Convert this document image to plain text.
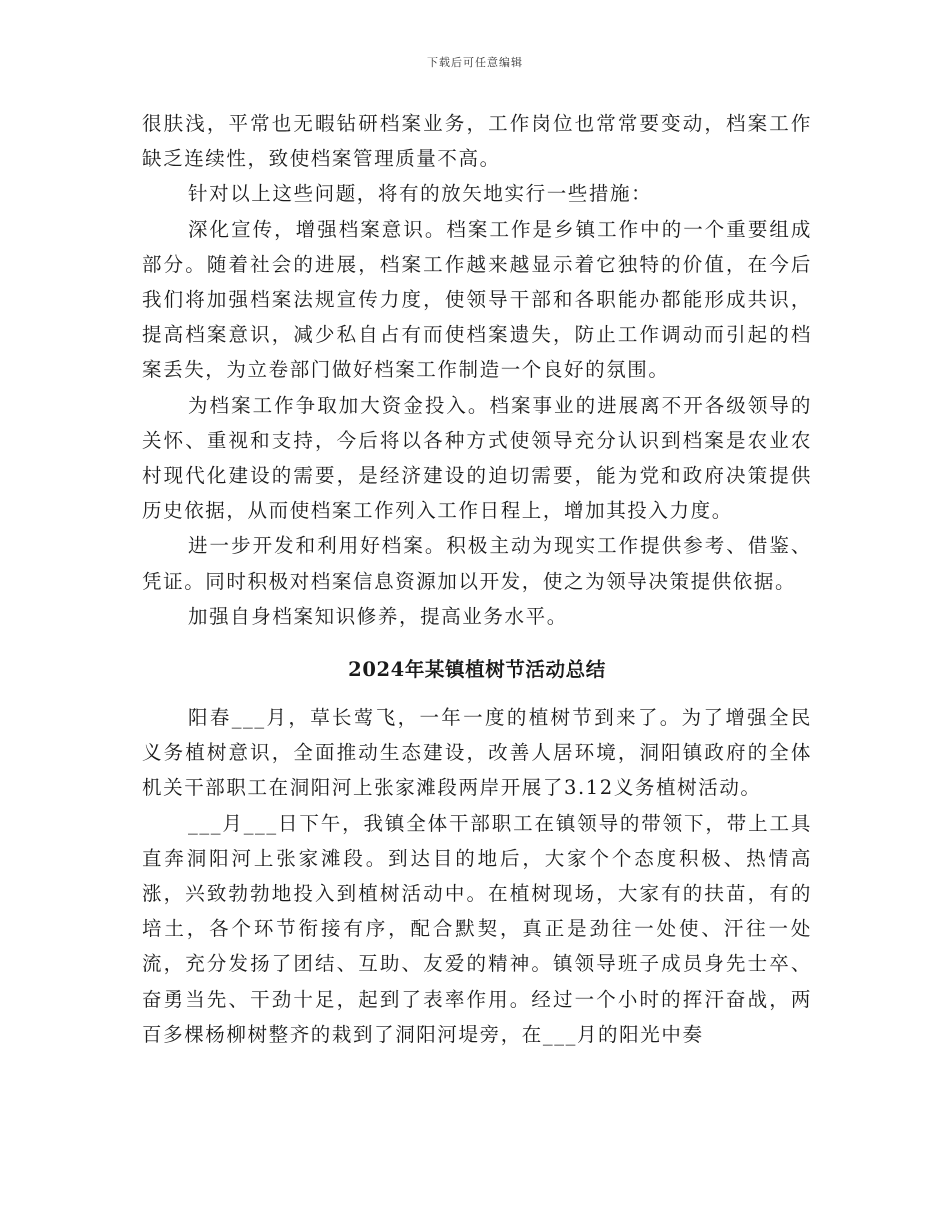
下载后可任意编辑

很肤浅，平常也无暇钻研档案业务，工作岗位也常常要变动，档案工作缺乏连续性，致使档案管理质量不高。

针对以上这些问题，将有的放矢地实行一些措施：

深化宣传，增强档案意识。档案工作是乡镇工作中的一个重要组成部分。随着社会的进展，档案工作越来越显示着它独特的价值，在今后我们将加强档案法规宣传力度，使领导干部和各职能办都能形成共识，提高档案意识，减少私自占有而使档案遗失，防止工作调动而引起的档案丢失，为立卷部门做好档案工作制造一个良好的氛围。

为档案工作争取加大资金投入。档案事业的进展离不开各级领导的关怀、重视和支持，今后将以各种方式使领导充分认识到档案是农业农村现代化建设的需要，是经济建设的迫切需要，能为党和政府决策提供历史依据，从而使档案工作列入工作日程上，增加其投入力度。

进一步开发和利用好档案。积极主动为现实工作提供参考、借鉴、凭证。同时积极对档案信息资源加以开发，使之为领导决策提供依据。

加强自身档案知识修养，提高业务水平。

2024年某镇植树节活动总结

阳春___月，草长莺飞，一年一度的植树节到来了。为了增强全民义务植树意识，全面推动生态建设，改善人居环境，洞阳镇政府的全体机关干部职工在洞阳河上张家滩段两岸开展了3.12义务植树活动。

___月___日下午，我镇全体干部职工在镇领导的带领下，带上工具直奔洞阳河上张家滩段。到达目的地后，大家个个态度积极、热情高涨，兴致勃勃地投入到植树活动中。在植树现场，大家有的扶苗，有的培土，各个环节衔接有序，配合默契，真正是劲往一处使、汗往一处流，充分发扬了团结、互助、友爱的精神。镇领导班子成员身先士卒、奋勇当先、干劲十足，起到了表率作用。经过一个小时的挥汗奋战，两百多棵杨柳树整齐的栽到了洞阳河堤旁，在___月的阳光中奏
